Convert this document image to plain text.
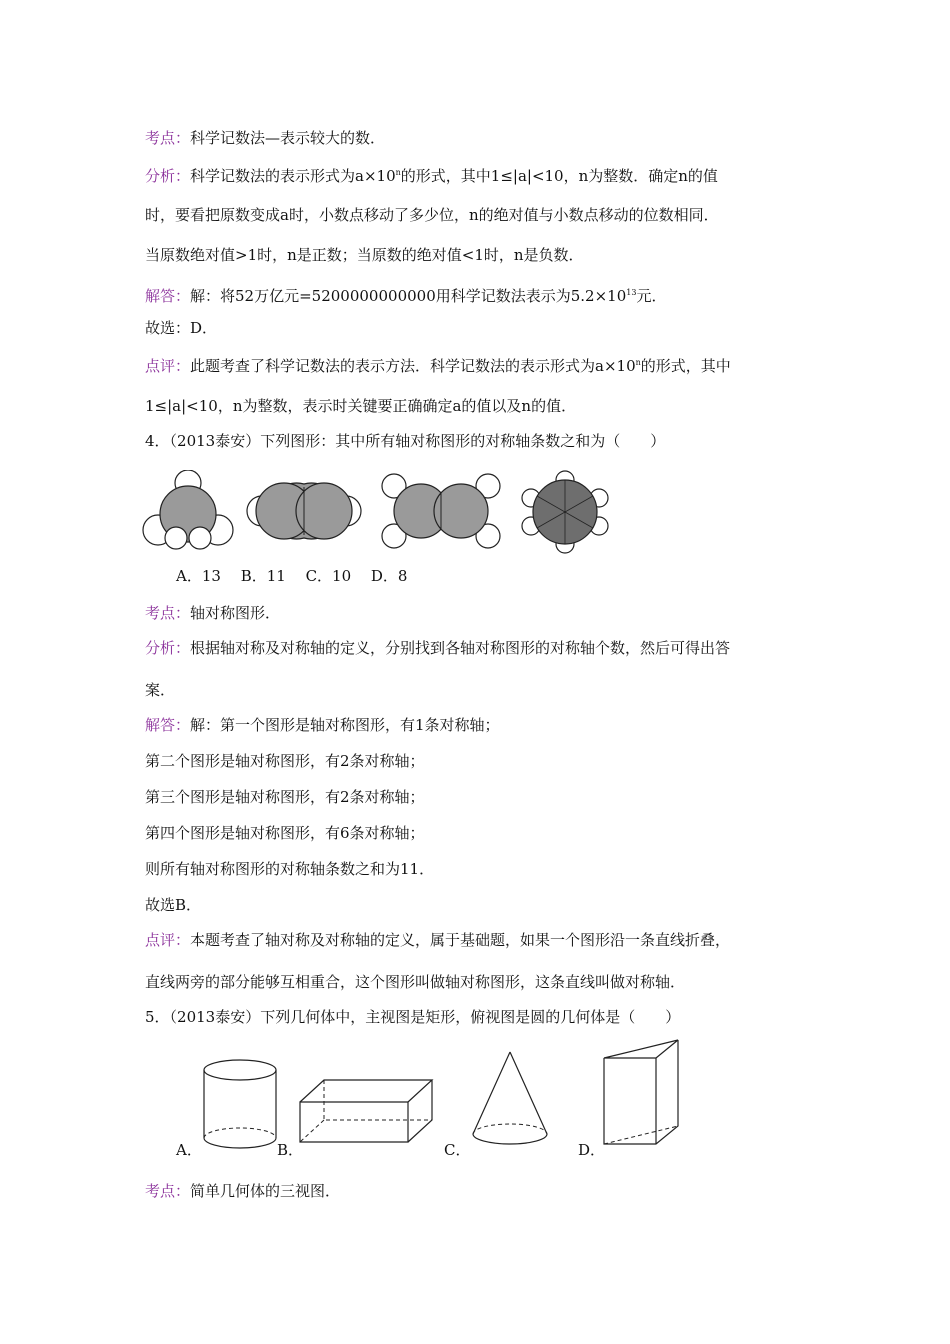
考点：科学记数法—表示较大的数．
分析：科学记数法的表示形式为$a\times 10^n$的形式，其中1≤|a|<10，n为整数．确定n的值
时，要看把原数变成a时，小数点移动了多少位，n的绝对值与小数点移动的位数相同．
当原数绝对值>1时，n是正数；当原数的绝对值<1时，n是负数．
解答：解：将52万亿元=5200000000000用科学记数法表示为$5.2\times 10^{13}$元．
故选：D．
点评：此题考查了科学记数法的表示方法．科学记数法的表示形式为$a\times 10^n$的形式，其中
1≤|a|<10，n为整数，表示时关键要正确确定a的值以及n的值．
4．（2013泰安）下列图形：其中所有轴对称图形的对称轴条数之和为（　　）
A．13　 B．11　 C．10　 D．8
考点：轴对称图形．
分析：根据轴对称及对称轴的定义，分别找到各轴对称图形的对称轴个数，然后可得出答
案．
解答：解：第一个图形是轴对称图形，有1条对称轴；
第二个图形是轴对称图形，有2条对称轴；
第三个图形是轴对称图形，有2条对称轴；
第四个图形是轴对称图形，有6条对称轴；
则所有轴对称图形的对称轴条数之和为11．
故选B．
点评：本题考查了轴对称及对称轴的定义，属于基础题，如果一个图形沿一条直线折叠，
直线两旁的部分能够互相重合，这个图形叫做轴对称图形，这条直线叫做对称轴．
5．（2013泰安）下列几何体中，主视图是矩形，俯视图是圆的几何体是（　　）
A．	B．	C．	D．
考点：简单几何体的三视图．
